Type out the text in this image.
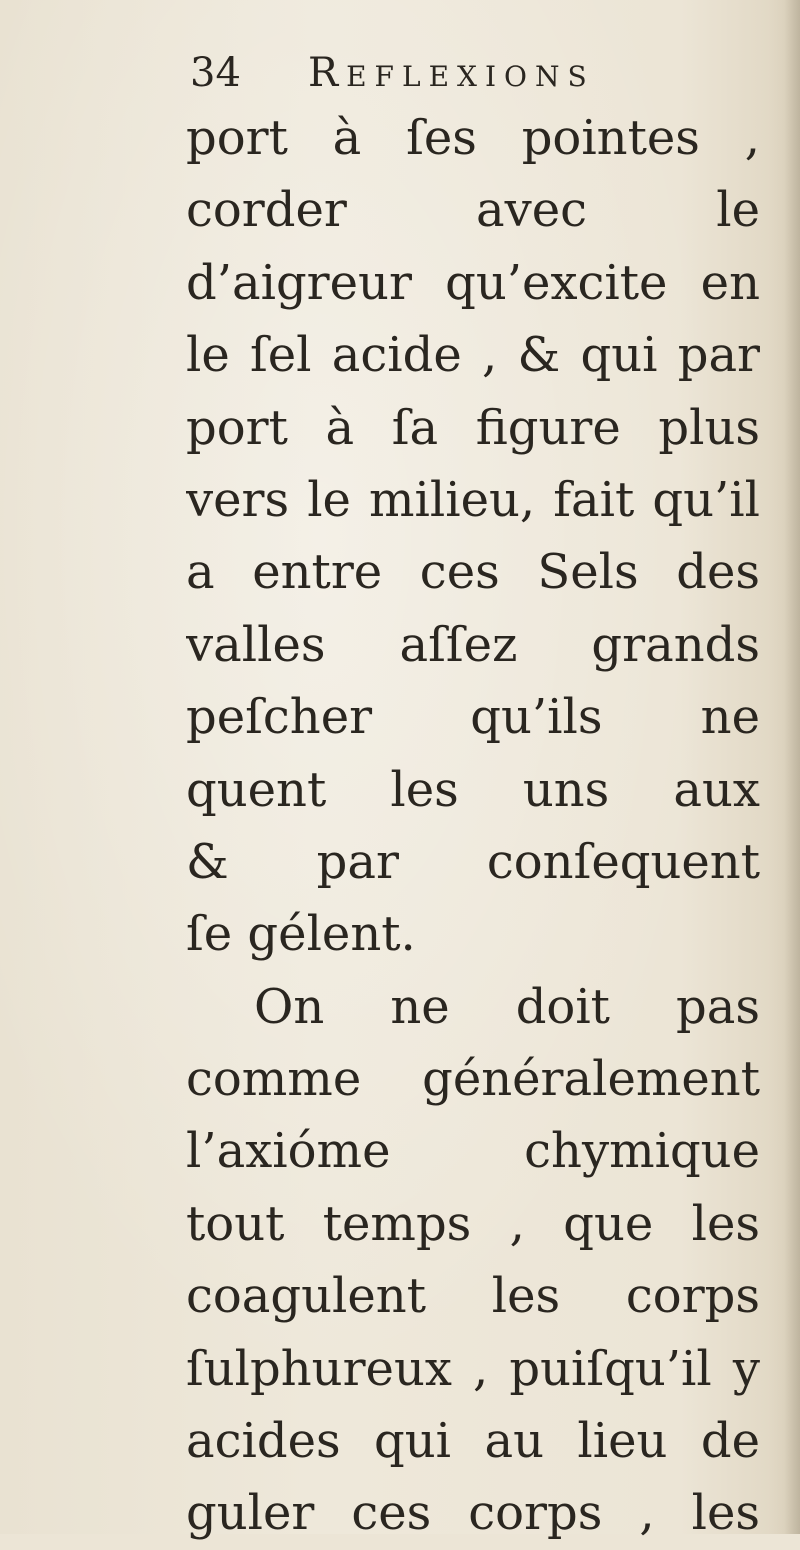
34 Reflexions
port à ſes pointes ,
corder avec le
d’aigreur qu’excite en
le ſel acide , & qui par
port à ſa figure plus
vers le milieu, fait qu’il
a entre ces Sels des
valles aſſez grands
peſcher qu’ils ne
quent les uns aux
& par conſequent
ſe gélent.
On ne doit pas
comme généralement
l’axióme chymique
tout temps , que les
coagulent les corps
ſulphureux , puiſqu’il y
acides qui au lieu de
guler ces corps , les
